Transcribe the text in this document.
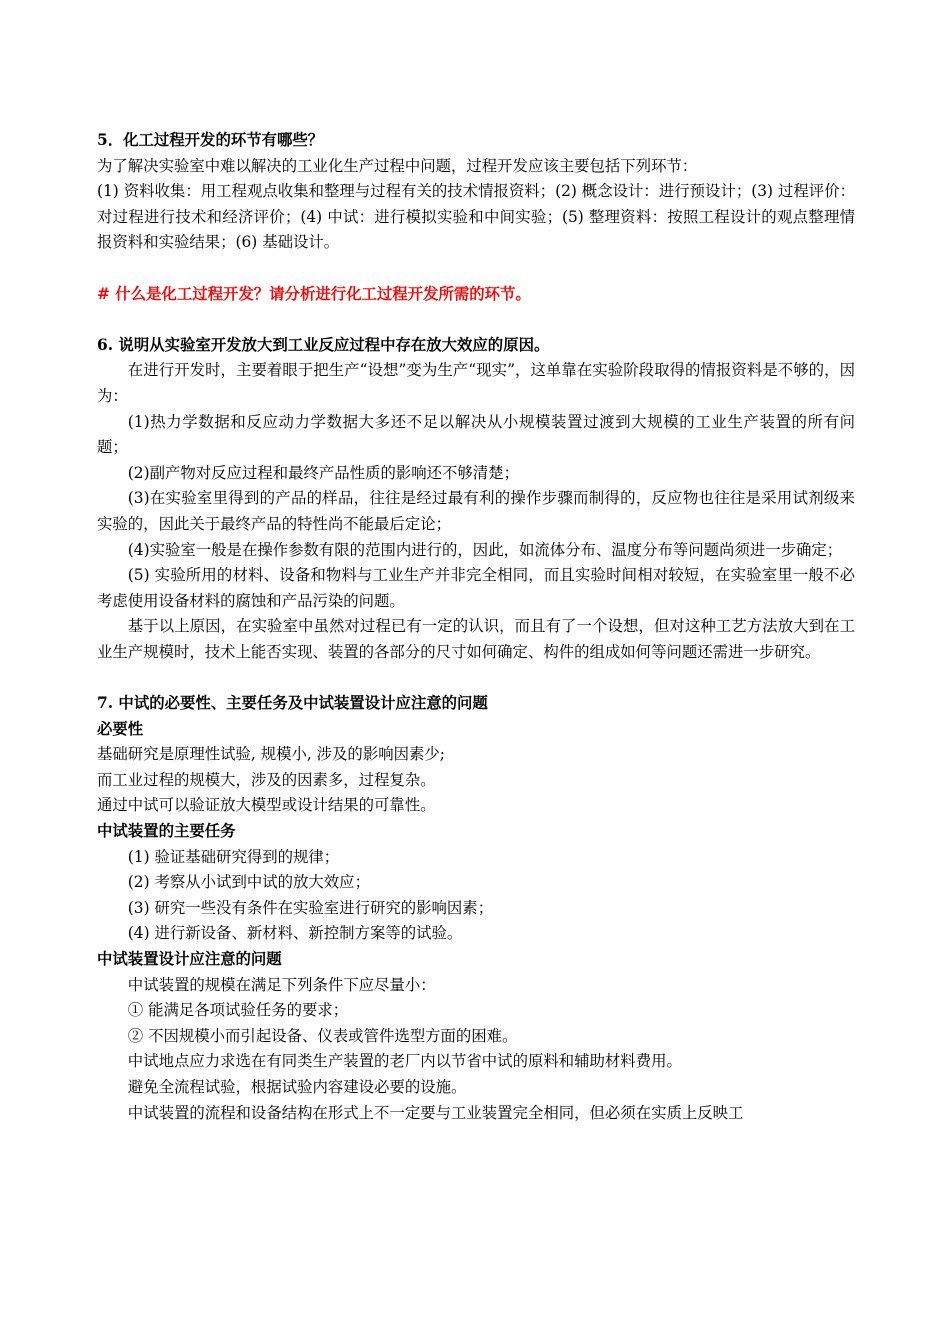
5．化工过程开发的环节有哪些？

为了解决实验室中难以解决的工业化生产过程中问题，过程开发应该主要包括下列环节：

(1) 资料收集：用工程观点收集和整理与过程有关的技术情报资料；(2) 概念设计：进行预设计；(3) 过程评价：对过程进行技术和经济评价；(4) 中试：进行模拟实验和中间实验；(5) 整理资料：按照工程设计的观点整理情报资料和实验结果；(6) 基础设计。

# 什么是化工过程开发？请分析进行化工过程开发所需的环节。

6. 说明从实验室开发放大到工业反应过程中存在放大效应的原因。

在进行开发时，主要着眼于把生产“设想”变为生产“现实”，这单靠在实验阶段取得的情报资料是不够的，因为：

(1)热力学数据和反应动力学数据大多还不足以解决从小规模装置过渡到大规模的工业生产装置的所有问题；

(2)副产物对反应过程和最终产品性质的影响还不够清楚；

(3)在实验室里得到的产品的样品，往往是经过最有利的操作步骤而制得的，反应物也往往是采用试剂级来实验的，因此关于最终产品的特性尚不能最后定论；

(4)实验室一般是在操作参数有限的范围内进行的，因此，如流体分布、温度分布等问题尚须进一步确定；

(5) 实验所用的材料、设备和物料与工业生产并非完全相同，而且实验时间相对较短，在实验室里一般不必考虑使用设备材料的腐蚀和产品污染的问题。

基于以上原因，在实验室中虽然对过程已有一定的认识，而且有了一个设想，但对这种工艺方法放大到在工业生产规模时，技术上能否实现、装置的各部分的尺寸如何确定、构件的组成如何等问题还需进一步研究。

7. 中试的必要性、主要任务及中试装置设计应注意的问题

必要性

基础研究是原理性试验, 规模小, 涉及的影响因素少;

而工业过程的规模大，涉及的因素多，过程复杂。

通过中试可以验证放大模型或设计结果的可靠性。

中试装置的主要任务

(1) 验证基础研究得到的规律；

(2) 考察从小试到中试的放大效应；

(3) 研究一些没有条件在实验室进行研究的影响因素；

(4) 进行新设备、新材料、新控制方案等的试验。

中试装置设计应注意的问题

中试装置的规模在满足下列条件下应尽量小：

① 能满足各项试验任务的要求；

② 不因规模小而引起设备、仪表或管件选型方面的困难。

中试地点应力求选在有同类生产装置的老厂内以节省中试的原料和辅助材料费用。

避免全流程试验，根据试验内容建设必要的设施。

中试装置的流程和设备结构在形式上不一定要与工业装置完全相同，但必须在实质上反映工
